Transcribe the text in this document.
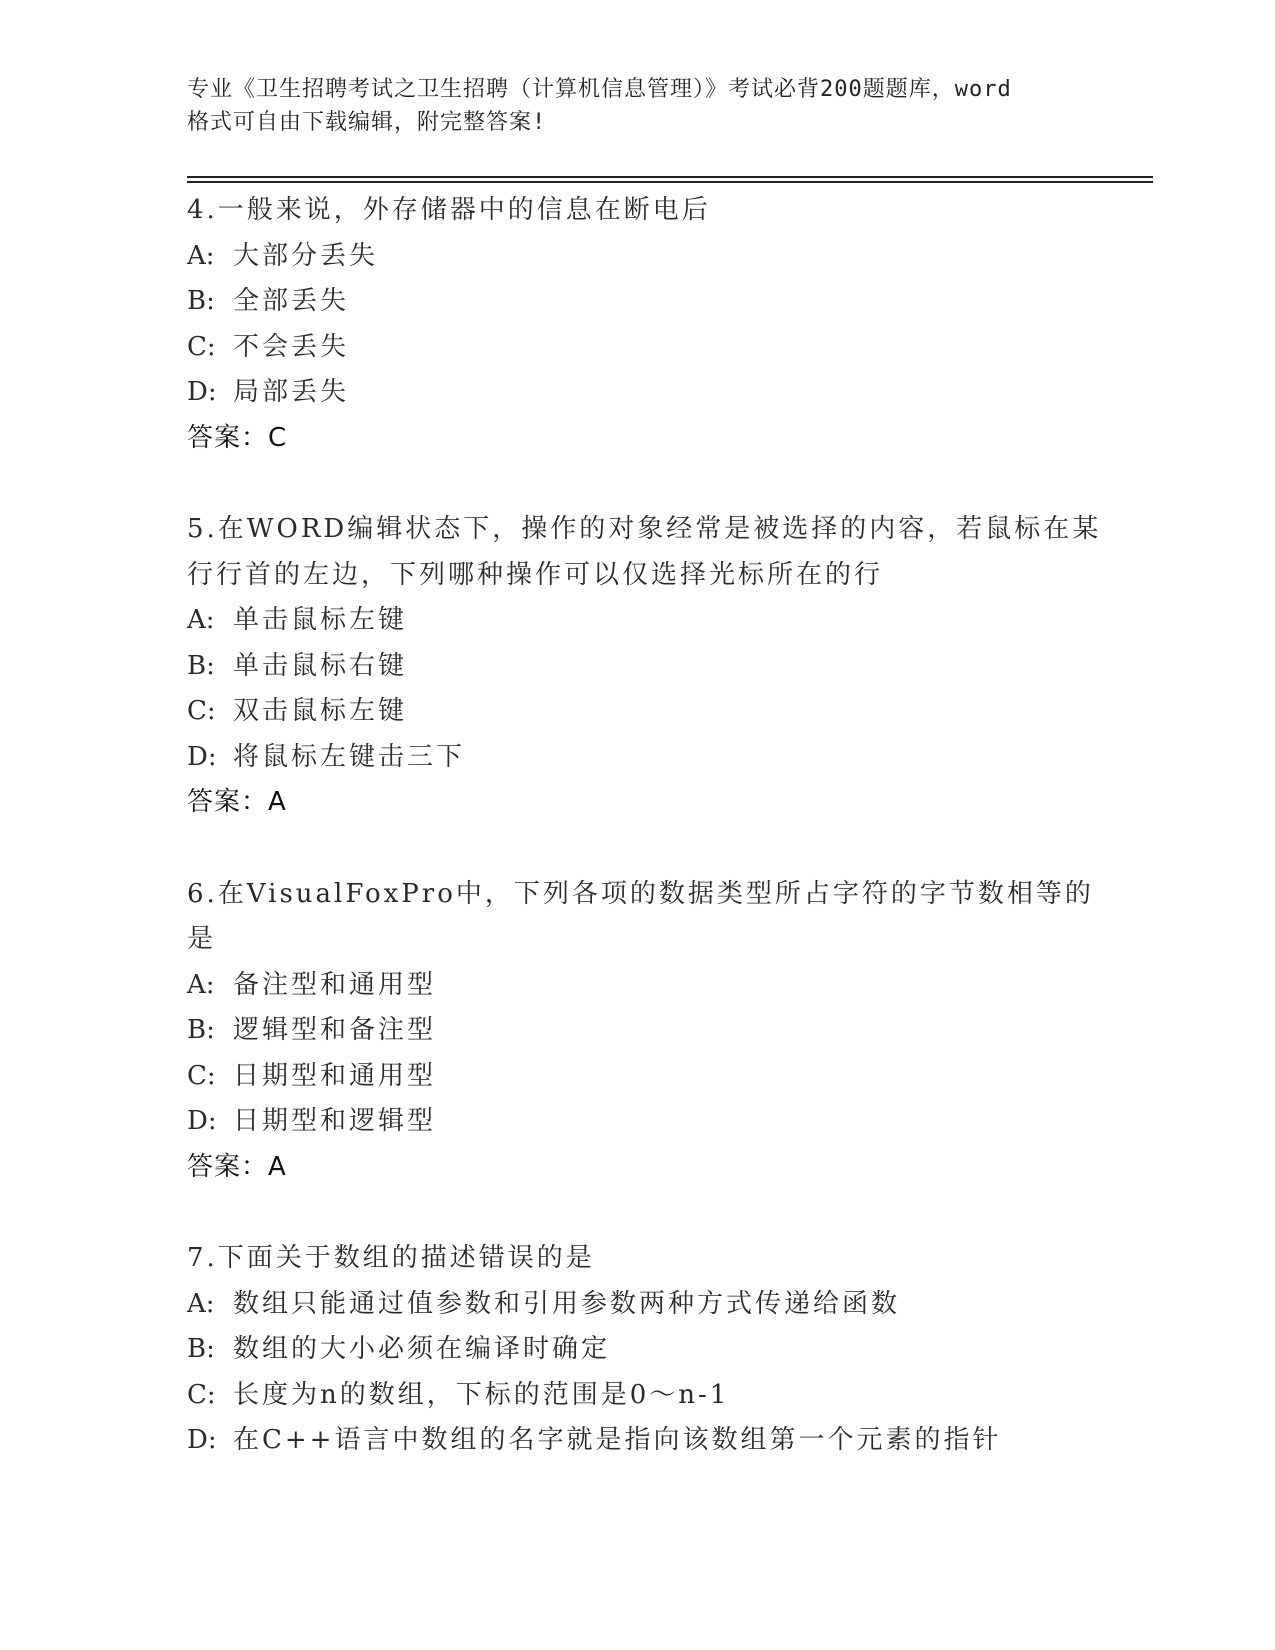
专业《卫生招聘考试之卫生招聘（计算机信息管理）》考试必背200题题库，word
格式可自由下载编辑，附完整答案!
4.一般来说，外存储器中的信息在断电后
A: 大部分丢失
B: 全部丢失
C: 不会丢失
D: 局部丢失
答案：C
5.在WORD编辑状态下，操作的对象经常是被选择的内容，若鼠标在某
行行首的左边，下列哪种操作可以仅选择光标所在的行
A: 单击鼠标左键
B: 单击鼠标右键
C: 双击鼠标左键
D: 将鼠标左键击三下
答案：A
6.在VisualFoxPro中，下列各项的数据类型所占字符的字节数相等的
是
A: 备注型和通用型
B: 逻辑型和备注型
C: 日期型和通用型
D: 日期型和逻辑型
答案：A
7.下面关于数组的描述错误的是
A: 数组只能通过值参数和引用参数两种方式传递给函数
B: 数组的大小必须在编译时确定
C: 长度为n的数组，下标的范围是0～n-1
D: 在C++语言中数组的名字就是指向该数组第一个元素的指针
